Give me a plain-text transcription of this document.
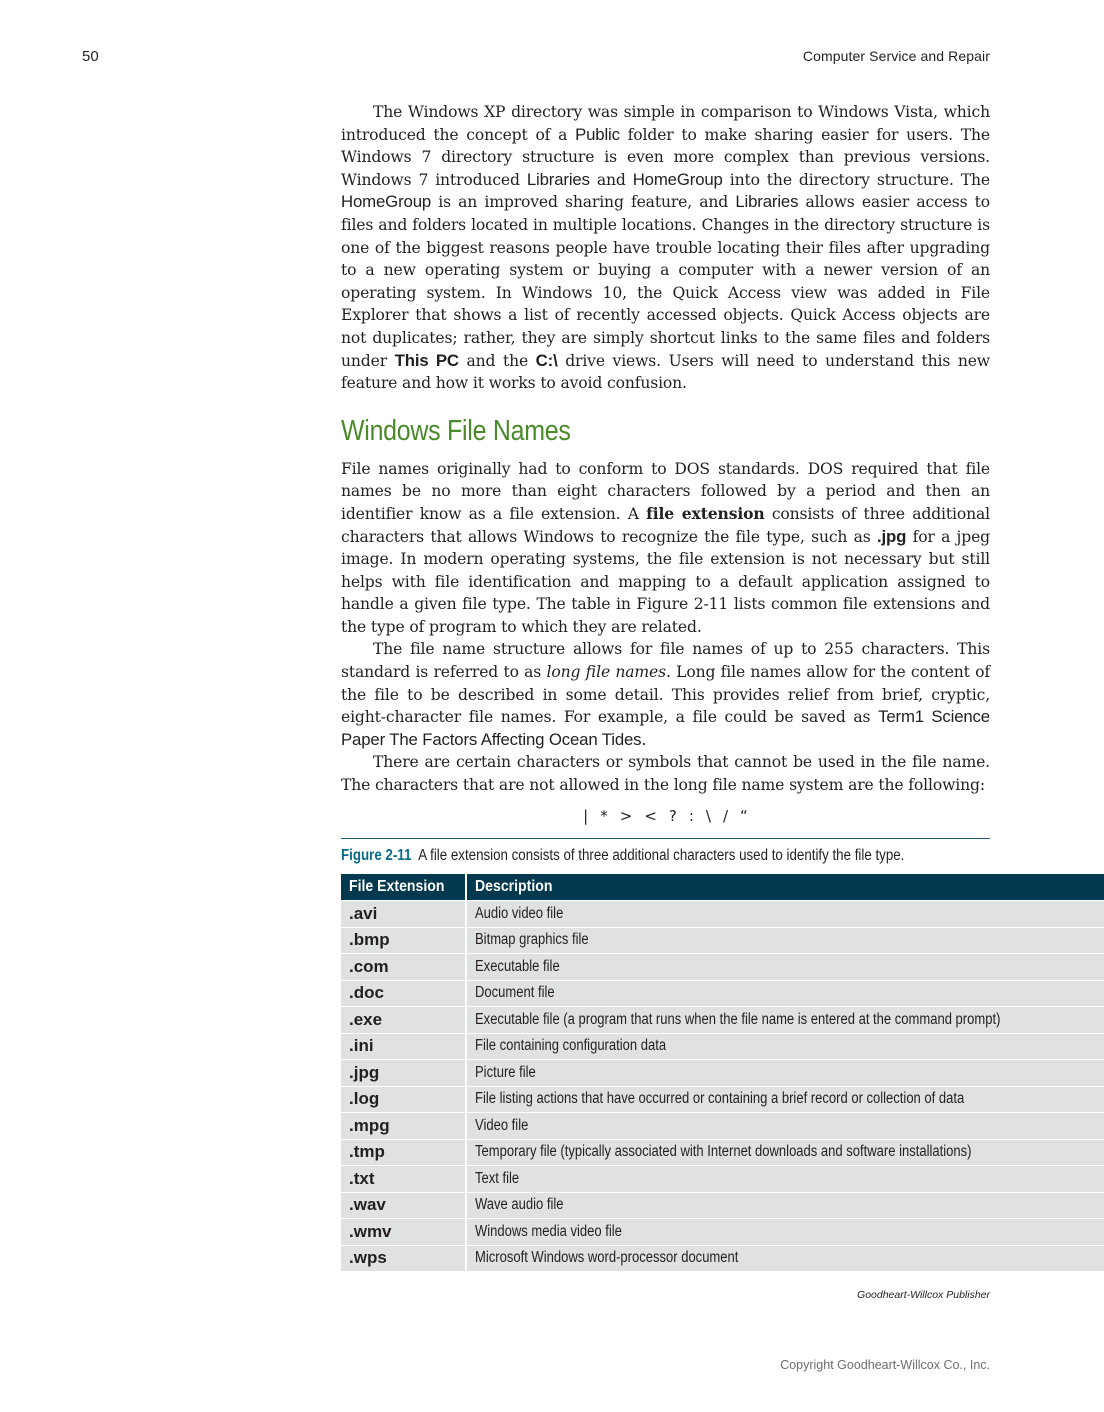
50	Computer Service and Repair

The Windows XP directory was simple in comparison to Windows Vista, which introduced the concept of a Public folder to make sharing easier for users. The Windows 7 directory structure is even more complex than previous versions. Windows 7 introduced Libraries and HomeGroup into the directory structure. The HomeGroup is an improved sharing feature, and Libraries allows easier access to files and folders located in multiple locations. Changes in the directory structure is one of the biggest reasons people have trouble locating their files after upgrading to a new operating system or buying a computer with a newer version of an operating system. In Windows 10, the Quick Access view was added in File Explorer that shows a list of recently accessed objects. Quick Access objects are not duplicates; rather, they are simply shortcut links to the same files and folders under This PC and the C:\ drive views. Users will need to understand this new feature and how it works to avoid confusion.

Windows File Names

File names originally had to conform to DOS standards. DOS required that file names be no more than eight characters followed by a period and then an identifier know as a file extension. A file extension consists of three additional characters that allows Windows to recognize the file type, such as .jpg for a jpeg image. In modern operating systems, the file extension is not necessary but still helps with file identification and mapping to a default application assigned to handle a given file type. The table in Figure 2-11 lists common file extensions and the type of program to which they are related.

The file name structure allows for file names of up to 255 characters. This standard is referred to as long file names. Long file names allow for the content of the file to be described in some detail. This provides relief from brief, cryptic, eight-character file names. For example, a file could be saved as Term1 Science Paper The Factors Affecting Ocean Tides.

There are certain characters or symbols that cannot be used in the file name. The characters that are not allowed in the long file name system are the following:

| * > < ? : \ / “
Figure 2-11 A file extension consists of three additional characters used to identify the file type.
File Extension	Description
.avi	Audio video file
.bmp	Bitmap graphics file
.com	Executable file
.doc	Document file
.exe	Executable file (a program that runs when the file name is entered at the command prompt)
.ini	File containing configuration data
.jpg	Picture file
.log	File listing actions that have occurred or containing a brief record or collection of data
.mpg	Video file
.tmp	Temporary file (typically associated with Internet downloads and software installations)
.txt	Text file
.wav	Wave audio file
.wmv	Windows media video file
.wps	Microsoft Windows word-processor document
Goodheart-Willcox Publisher
Copyright Goodheart-Willcox Co., Inc.
